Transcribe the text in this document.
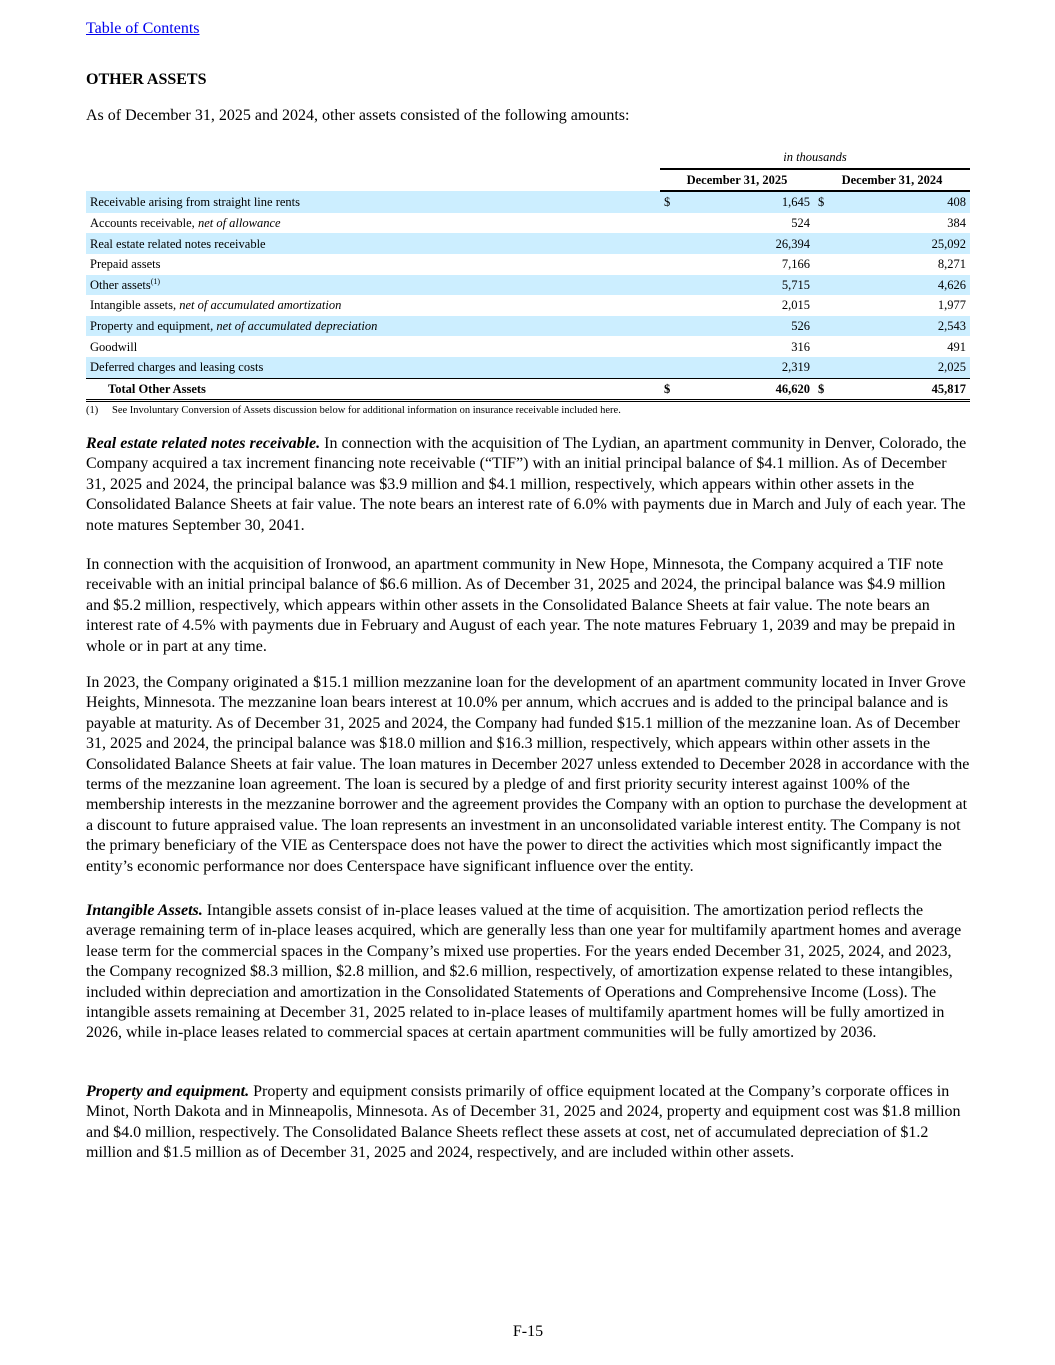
Table of Contents
OTHER ASSETS
As of December 31, 2025 and 2024, other assets consisted of the following amounts:
	in thousands			
	December 31, 2025		December 31, 2024	
Receivable arising from straight line rents	$	1,645	$	408
Accounts receivable, net of allowance		524		384
Real estate related notes receivable		26,394		25,092
Prepaid assets		7,166		8,271
Other assets$^{(1)}$		5,715		4,626
Intangible assets, net of accumulated amortization		2,015		1,977
Property and equipment, net of accumulated depreciation		526		2,543
Goodwill		316		491
Deferred charges and leasing costs		2,319		2,025
Total Other Assets	$	46,620	$	45,817
(1) See Involuntary Conversion of Assets discussion below for additional information on insurance receivable included here.

Real estate related notes receivable. In connection with the acquisition of The Lydian, an apartment community in Denver, Colorado, the Company acquired a tax increment financing note receivable (“TIF”) with an initial principal balance of $4.1 million. As of December 31, 2025 and 2024, the principal balance was $3.9 million and $4.1 million, respectively, which appears within other assets in the Consolidated Balance Sheets at fair value. The note bears an interest rate of 6.0% with payments due in March and July of each year. The note matures September 30, 2041.

In connection with the acquisition of Ironwood, an apartment community in New Hope, Minnesota, the Company acquired a TIF note receivable with an initial principal balance of $6.6 million. As of December 31, 2025 and 2024, the principal balance was $4.9 million and $5.2 million, respectively, which appears within other assets in the Consolidated Balance Sheets at fair value. The note bears an interest rate of 4.5% with payments due in February and August of each year. The note matures February 1, 2039 and may be prepaid in whole or in part at any time.

In 2023, the Company originated a $15.1 million mezzanine loan for the development of an apartment community located in Inver Grove Heights, Minnesota. The mezzanine loan bears interest at 10.0% per annum, which accrues and is added to the principal balance and is payable at maturity. As of December 31, 2025 and 2024, the Company had funded $15.1 million of the mezzanine loan. As of December 31, 2025 and 2024, the principal balance was $18.0 million and $16.3 million, respectively, which appears within other assets in the Consolidated Balance Sheets at fair value. The loan matures in December 2027 unless extended to December 2028 in accordance with the terms of the mezzanine loan agreement. The loan is secured by a pledge of and first priority security interest against 100% of the membership interests in the mezzanine borrower and the agreement provides the Company with an option to purchase the development at a discount to future appraised value. The loan represents an investment in an unconsolidated variable interest entity. The Company is not the primary beneficiary of the VIE as Centerspace does not have the power to direct the activities which most significantly impact the entity’s economic performance nor does Centerspace have significant influence over the entity.

Intangible Assets. Intangible assets consist of in-place leases valued at the time of acquisition. The amortization period reflects the average remaining term of in-place leases acquired, which are generally less than one year for multifamily apartment homes and average lease term for the commercial spaces in the Company’s mixed use properties. For the years ended December 31, 2025, 2024, and 2023, the Company recognized $8.3 million, $2.8 million, and $2.6 million, respectively, of amortization expense related to these intangibles, included within depreciation and amortization in the Consolidated Statements of Operations and Comprehensive Income (Loss). The intangible assets remaining at December 31, 2025 related to in-place leases of multifamily apartment homes will be fully amortized in 2026, while in-place leases related to commercial spaces at certain apartment communities will be fully amortized by 2036.

Property and equipment. Property and equipment consists primarily of office equipment located at the Company’s corporate offices in Minot, North Dakota and in Minneapolis, Minnesota. As of December 31, 2025 and 2024, property and equipment cost was $1.8 million and $4.0 million, respectively. The Consolidated Balance Sheets reflect these assets at cost, net of accumulated depreciation of $1.2 million and $1.5 million as of December 31, 2025 and 2024, respectively, and are included within other assets.

F-15
